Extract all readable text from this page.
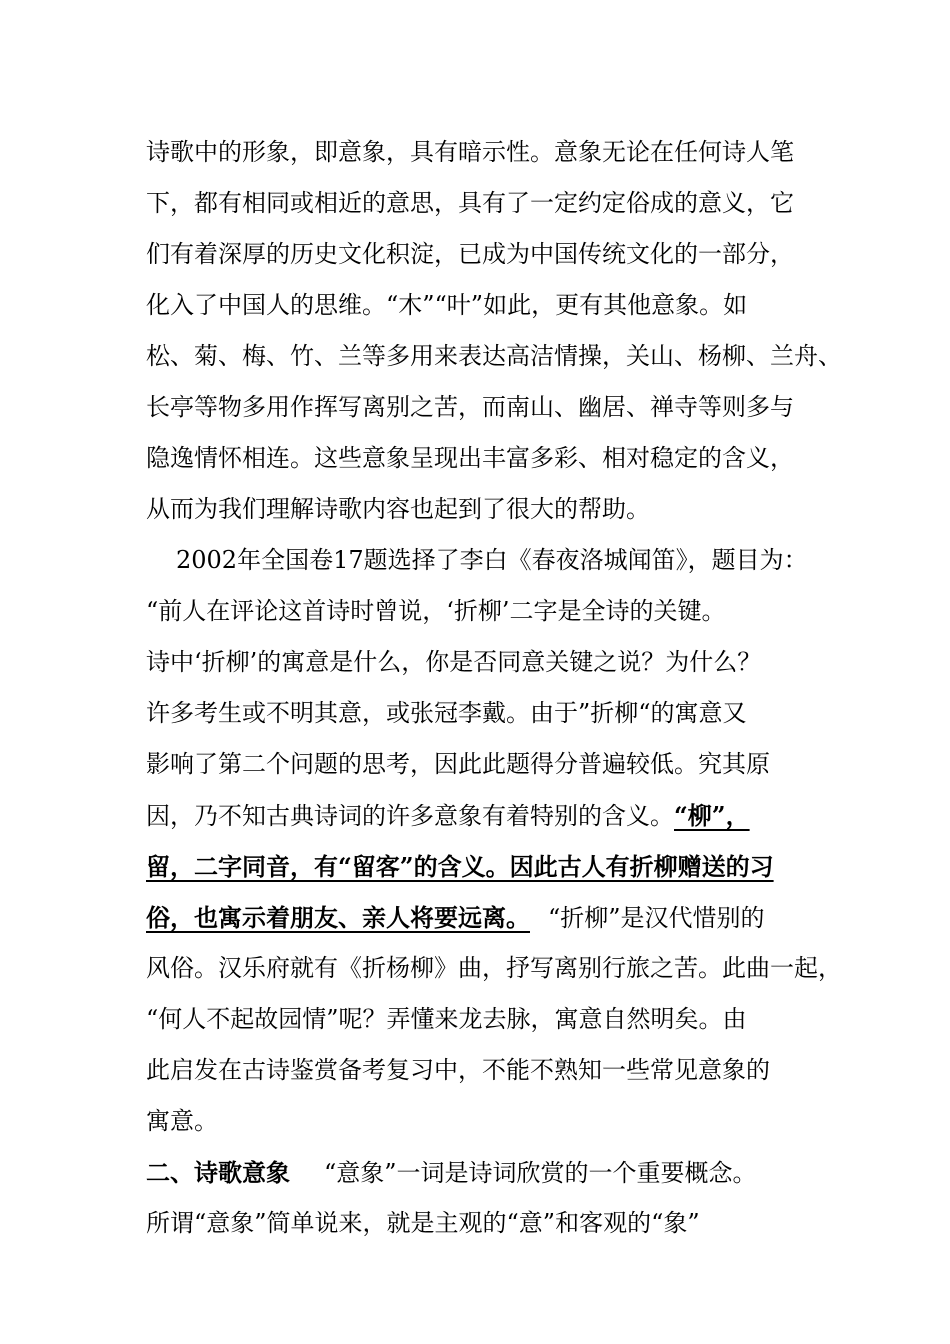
诗歌中的形象，即意象，具有暗示性。意象无论在任何诗人笔
下，都有相同或相近的意思，具有了一定约定俗成的意义，它
们有着深厚的历史文化积淀，已成为中国传统文化的一部分，
化入了中国人的思维。“木”“叶”如此，更有其他意象。如
松、菊、梅、竹、兰等多用来表达高洁情操，关山、杨柳、兰舟、
长亭等物多用作挥写离别之苦，而南山、幽居、禅寺等则多与
隐逸情怀相连。这些意象呈现出丰富多彩、相对稳定的含义，
从而为我们理解诗歌内容也起到了很大的帮助。
2002年全国卷17题选择了李白《春夜洛城闻笛》，题目为：
“前人在评论这首诗时曾说，‘折柳’二字是全诗的关键。
诗中‘折柳’的寓意是什么，你是否同意关键之说？为什么？
许多考生或不明其意，或张冠李戴。由于”折柳“的寓意又
影响了第二个问题的思考，因此此题得分普遍较低。究其原
因，乃不知古典诗词的许多意象有着特别的含义。“柳”，
留，二字同音，有“留客”的含义。因此古人有折柳赠送的习
俗，也寓示着朋友、亲人将要远离。 “折柳”是汉代惜别的
风俗。汉乐府就有《折杨柳》曲，抒写离别行旅之苦。此曲一起，
“何人不起故园情”呢？弄懂来龙去脉，寓意自然明矣。由
此启发在古诗鉴赏备考复习中，不能不熟知一些常见意象的
寓意。
二、诗歌意象 “意象”一词是诗词欣赏的一个重要概念。
所谓“意象”简单说来，就是主观的“意”和客观的“象”
